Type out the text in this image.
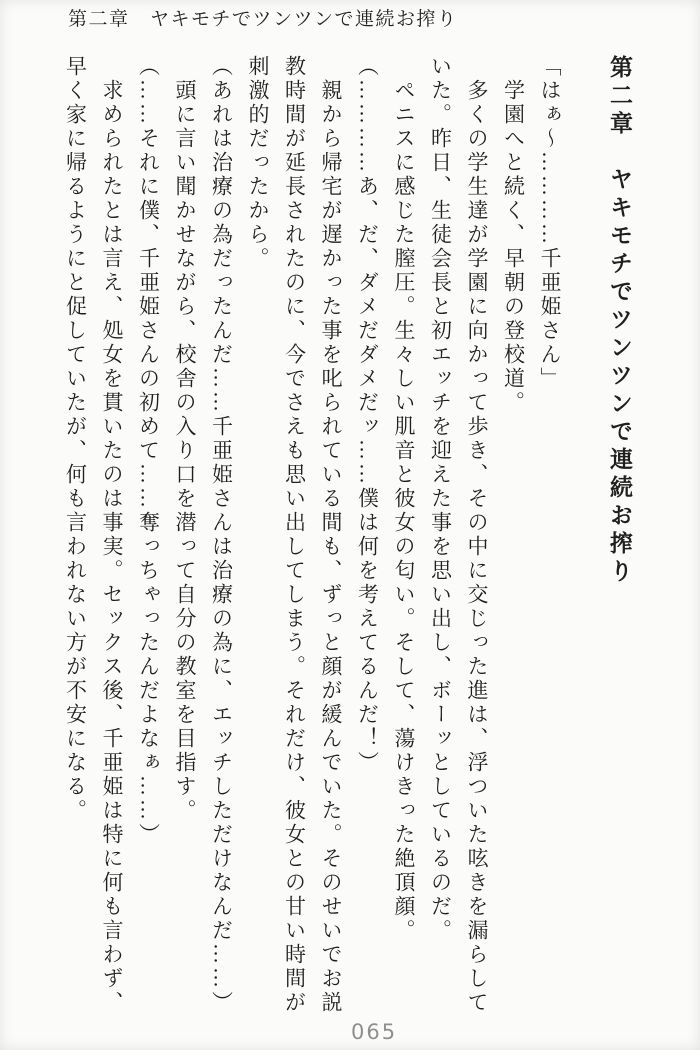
第二章　ヤキモチでツンツンで連続お搾り

第二章　ヤキモチでツンツンで連続お搾り

「はぁ～…………千亜姫さん」

　学園へと続く、早朝の登校道。

　多くの学生達が学園に向かって歩き、その中に交じった進は、浮ついた呟きを漏らしていた。昨日、生徒会長と初エッチを迎えた事を思い出し、ボーッとしているのだ。

　ペニスに感じた膣圧。生々しい肌音と彼女の匂い。そして、蕩けきった絶頂顔。

（…………あ、だ、ダメだダメだッ……僕は何を考えてるんだ！）

　親から帰宅が遅かった事を叱られている間も、ずっと顔が緩んでいた。そのせいでお説教時間が延長されたのに、今でさえも思い出してしまう。それだけ、彼女との甘い時間が刺激的だったから。

（あれは治療の為だったんだ……千亜姫さんは治療の為に、エッチしただけなんだ……）

　頭に言い聞かせながら、校舎の入り口を潜って自分の教室を目指す。

（……それに僕、千亜姫さんの初めて……奪っちゃったんだよなぁ……）

　求められたとは言え、処女を貫いたのは事実。セックス後、千亜姫は特に何も言わず、早く家に帰るようにと促していたが、何も言われない方が不安になる。

065
